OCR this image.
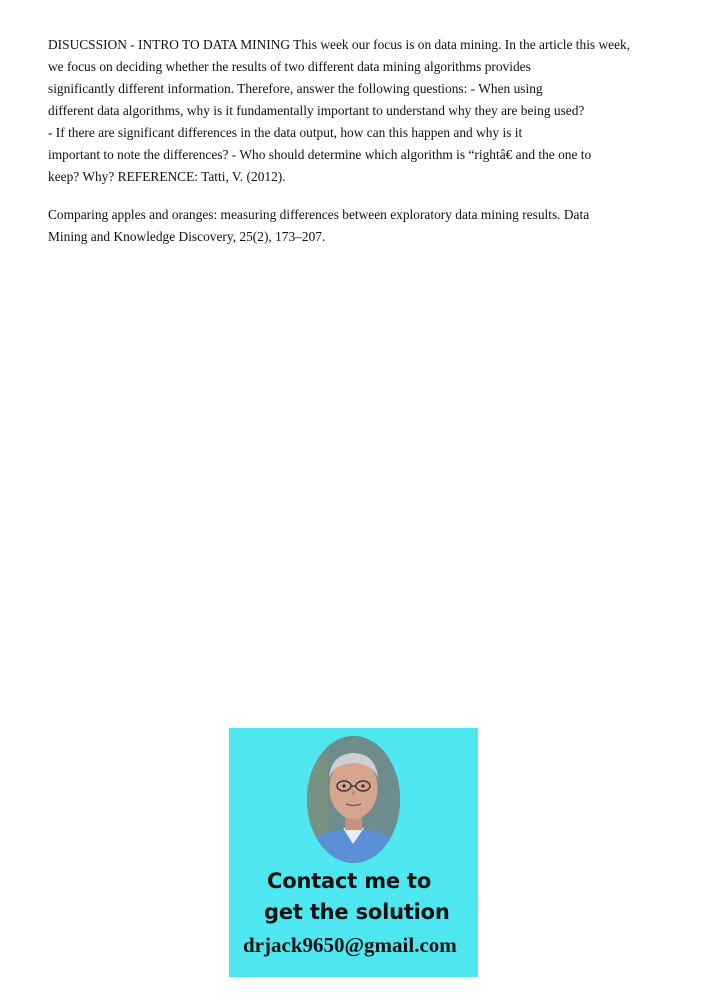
DISUCSSION - INTRO TO DATA MINING This week our focus is on data mining. In the article this week,
we focus on deciding whether the results of two different data mining algorithms provides
significantly different information. Therefore, answer the following questions: - When using
different data algorithms, why is it fundamentally important to understand why they are being used?
- If there are significant differences in the data output, how can this happen and why is it
important to note the differences? - Who should determine which algorithm is “rightâ€ and the one to
keep? Why? REFERENCE: Tatti, V. (2012).
Comparing apples and oranges: measuring differences between exploratory data mining results. Data
Mining and Knowledge Discovery, 25(2), 173–207.
Contact me to
get the solution
drjack9650@gmail.com
